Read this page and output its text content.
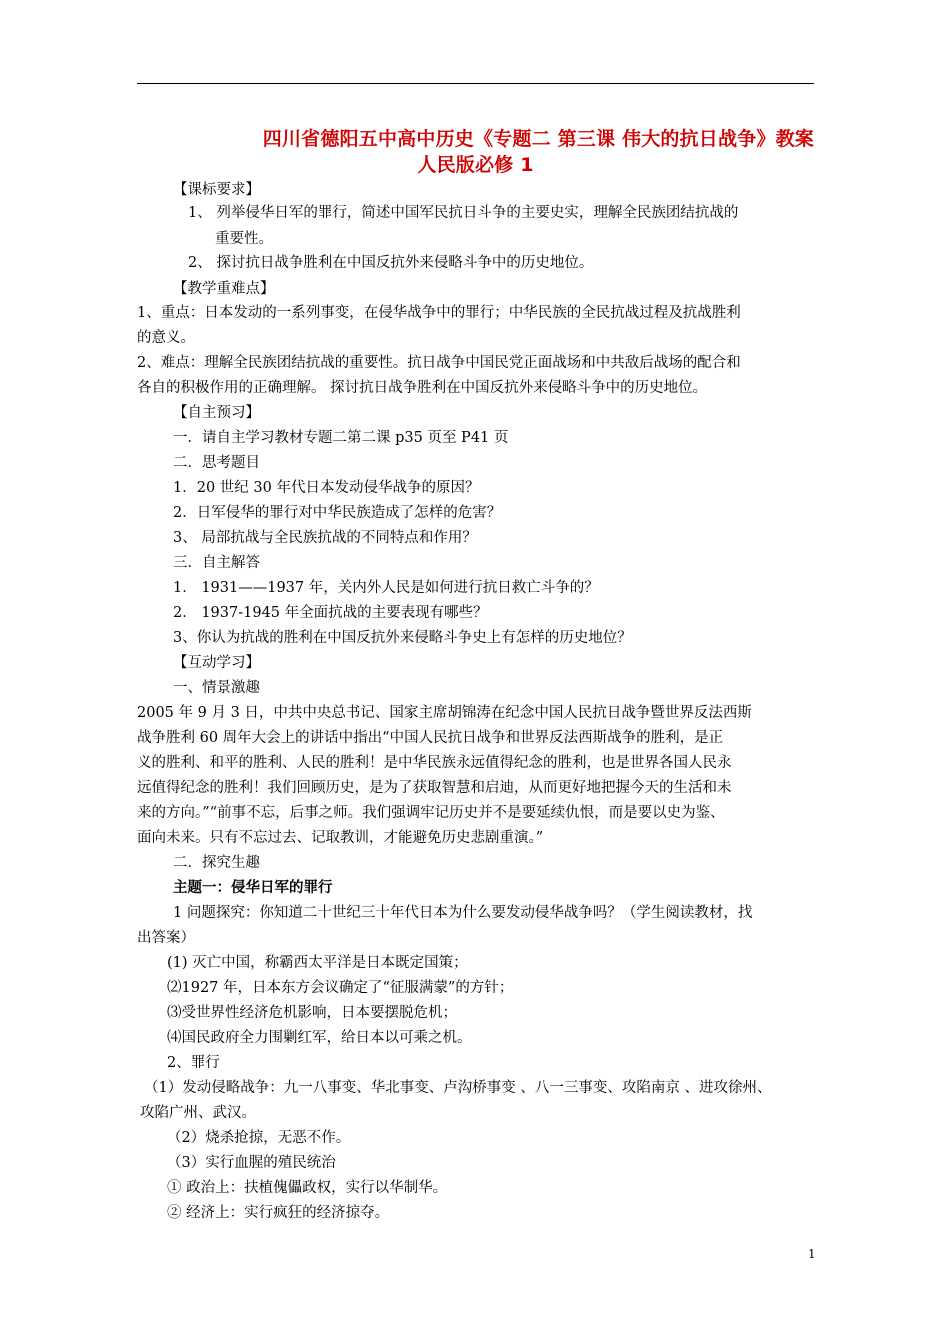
四川省德阳五中高中历史《专题二 第三课 伟大的抗日战争》教案
人民版必修 1
【课标要求】
1、 列举侵华日军的罪行，简述中国军民抗日斗争的主要史实，理解全民族团结抗战的
重要性。
2、 探讨抗日战争胜利在中国反抗外来侵略斗争中的历史地位。
【教学重难点】
1、重点：日本发动的一系列事变，在侵华战争中的罪行；中华民族的全民抗战过程及抗战胜利
的意义。
2、难点：理解全民族团结抗战的重要性。抗日战争中国民党正面战场和中共敌后战场的配合和
各自的积极作用的正确理解。 探讨抗日战争胜利在中国反抗外来侵略斗争中的历史地位。
【自主预习】
一．请自主学习教材专题二第二课 p35 页至 P41 页
二．思考题目
1．20 世纪 30 年代日本发动侵华战争的原因？
2．日军侵华的罪行对中华民族造成了怎样的危害？
3、 局部抗战与全民族抗战的不同特点和作用？
三．自主解答
1． 1931——1937 年，关内外人民是如何进行抗日救亡斗争的？
2． 1937-1945 年全面抗战的主要表现有哪些？
3、你认为抗战的胜利在中国反抗外来侵略斗争史上有怎样的历史地位？
【互动学习】
一、情景激趣
2005 年 9 月 3 日，中共中央总书记、国家主席胡锦涛在纪念中国人民抗日战争暨世界反法西斯
战争胜利 60 周年大会上的讲话中指出“中国人民抗日战争和世界反法西斯战争的胜利，是正
义的胜利、和平的胜利、人民的胜利！是中华民族永远值得纪念的胜利，也是世界各国人民永
远值得纪念的胜利！我们回顾历史，是为了获取智慧和启迪，从而更好地把握今天的生活和未
来的方向。”“前事不忘，后事之师。我们强调牢记历史并不是要延续仇恨，而是要以史为鉴、
面向未来。只有不忘过去、记取教训，才能避免历史悲剧重演。”
二．探究生趣
主题一：侵华日军的罪行
1 问题探究：你知道二十世纪三十年代日本为什么要发动侵华战争吗？（学生阅读教材，找
出答案）
(1) 灭亡中国，称霸西太平洋是日本既定国策；
⑵1927 年，日本东方会议确定了“征服满蒙”的方针；
⑶受世界性经济危机影响，日本要摆脱危机；
⑷国民政府全力围剿红军，给日本以可乘之机。
2、罪行
（1）发动侵略战争：九一八事变、华北事变、卢沟桥事变 、八一三事变、攻陷南京 、进攻徐州、
攻陷广州、武汉。
（2）烧杀抢掠，无恶不作。
（3）实行血腥的殖民统治
① 政治上：扶植傀儡政权，实行以华制华。
② 经济上：实行疯狂的经济掠夺。
1
